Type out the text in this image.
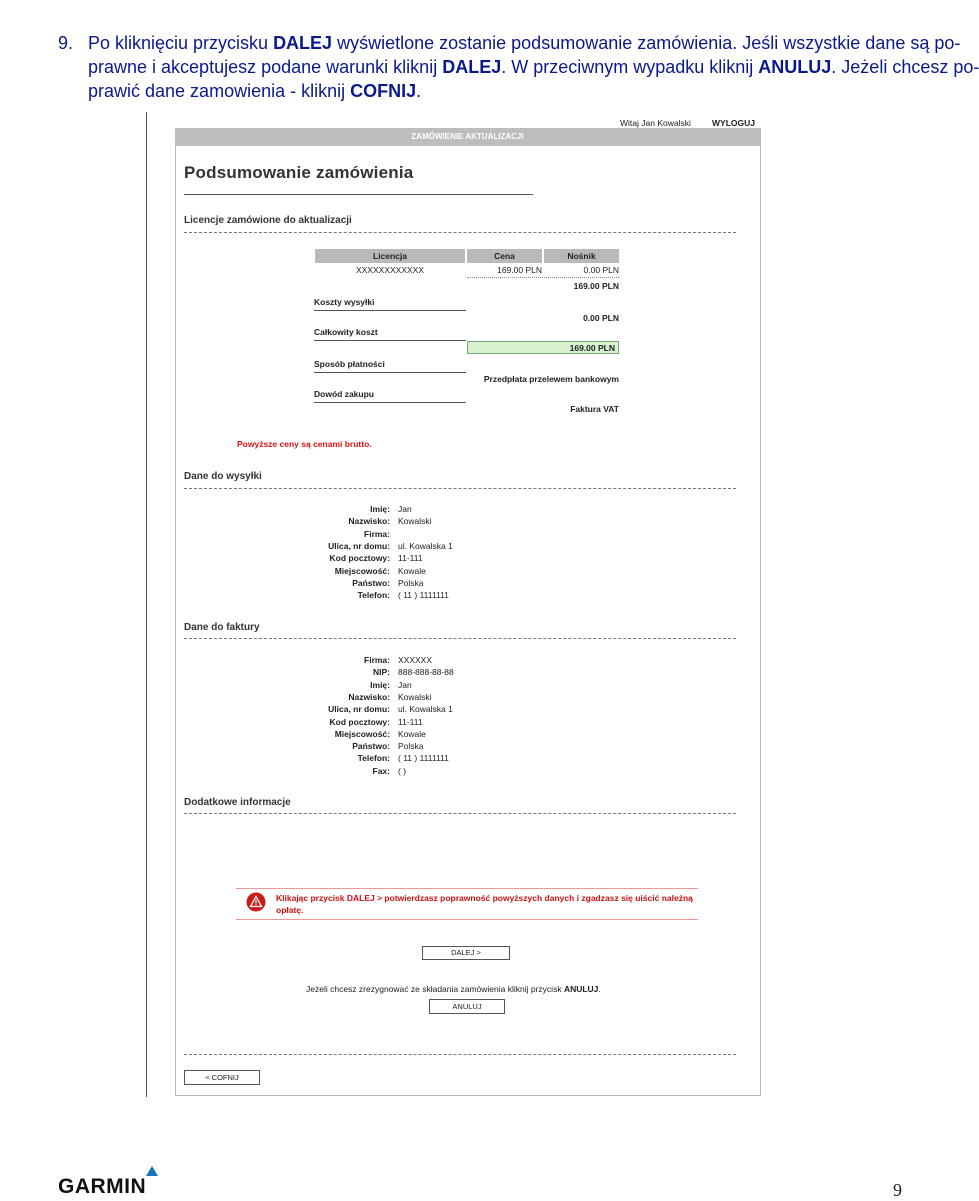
9. Po kliknięciu przycisku DALEJ wyświetlone zostanie podsumowanie zamówienia. Jeśli wszystkie dane są po-
prawne i akceptujesz podane warunki kliknij DALEJ. W przeciwnym wypadku kliknij ANULUJ. Jeżeli chcesz po-
prawić dane zamowienia - kliknij COFNIJ.
Witaj Jan Kowalski WYLOGUJ
ZAMÓWIENIE AKTUALIZACJI
Podsumowanie zamówienia
Licencje zamówione do aktualizacji
Licencja	Cena	Nośnik
XXXXXXXXXXXX	169.00 PLN	0.00 PLN
169.00 PLN
Koszty wysyłki
0.00 PLN
Całkowity koszt
169.00 PLN
Sposób płatności
Przedpłata przelewem bankowym
Dowód zakupu
Faktura VAT
Powyższe ceny są cenami brutto.
Dane do wysyłki
Imię: Jan
Nazwisko: Kowalski
Firma:
Ulica, nr domu: ul. Kowalska 1
Kod pocztowy: 11-111
Miejscowość: Kowale
Państwo: Polska
Telefon: ( 11 ) 1111111
Dane do faktury
Firma: XXXXXX
NIP: 888-888-88-88
Imię: Jan
Nazwisko: Kowalski
Ulica, nr domu: ul. Kowalska 1
Kod pocztowy: 11-111
Miejscowość: Kowale
Państwo: Polska
Telefon: ( 11 ) 1111111
Fax: ( )
Dodatkowe informacje
Klikając przycisk DALEJ > potwierdzasz poprawność powyższych danych i zgadzasz się uiścić należną opłatę.
DALEJ >
Jeżeli chcesz zrezygnować ze składania zamówienia kliknij przycisk ANULUJ.
ANULUJ
< COFNIJ
GARMIN	9
